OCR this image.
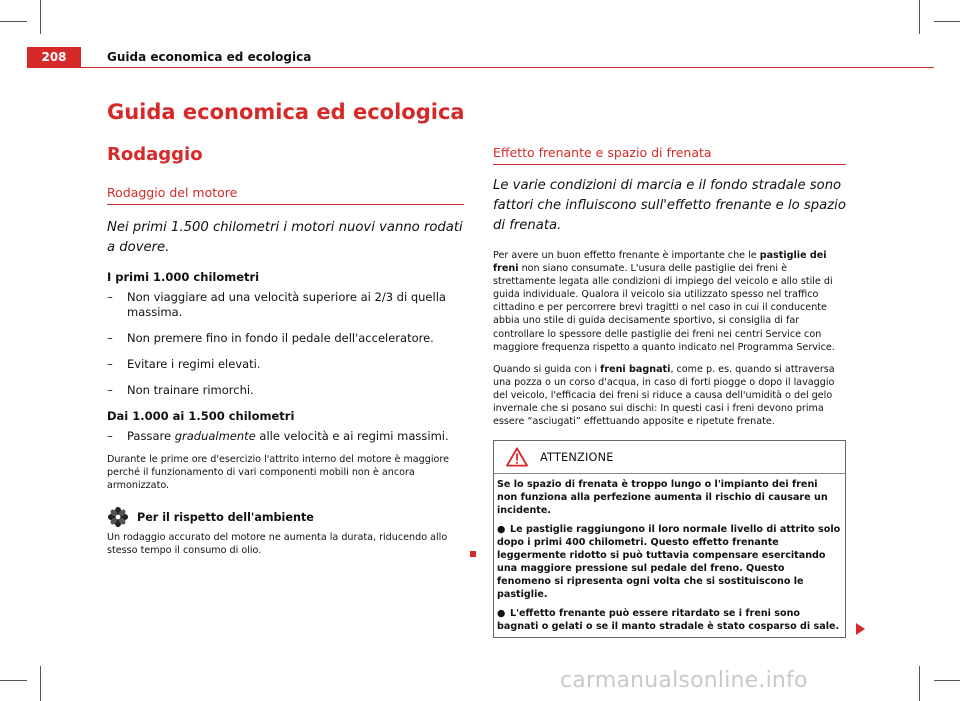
208	Guida economica ed ecologica
Guida economica ed ecologica
Rodaggio
Rodaggio del motore
Nei primi 1.500 chilometri i motori nuovi vanno rodati a dovere.
I primi 1.000 chilometri
– Non viaggiare ad una velocità superiore ai 2/3 di quella massima.
– Non premere fino in fondo il pedale dell'acceleratore.
– Evitare i regimi elevati.
– Non trainare rimorchi.
Dai 1.000 ai 1.500 chilometri
– Passare gradualmente alle velocità e ai regimi massimi.
Durante le prime ore d'esercizio l'attrito interno del motore è maggiore perché il funzionamento di vari componenti mobili non è ancora armonizzato.
Per il rispetto dell'ambiente
Un rodaggio accurato del motore ne aumenta la durata, riducendo allo stesso tempo il consumo di olio.
Effetto frenante e spazio di frenata
Le varie condizioni di marcia e il fondo stradale sono fattori che influiscono sull'effetto frenante e lo spazio di frenata.
Per avere un buon effetto frenante è importante che le pastiglie dei freni non siano consumate. L'usura delle pastiglie dei freni è strettamente legata alle condizioni di impiego del veicolo e allo stile di guida individuale. Qualora il veicolo sia utilizzato spesso nel traffico cittadino e per percorrere brevi tragitti o nel caso in cui il conducente abbia uno stile di guida decisamente sportivo, si consiglia di far controllare lo spessore delle pastiglie dei freni nei centri Service con maggiore frequenza rispetto a quanto indicato nel Programma Service.
Quando si guida con i freni bagnati, come p. es. quando si attraversa una pozza o un corso d'acqua, in caso di forti piogge o dopo il lavaggio del veicolo, l'efficacia dei freni si riduce a causa dell'umidità o del gelo invernale che si posano sui dischi: In questi casi i freni devono prima essere “asciugati” effettuando apposite e ripetute frenate.
ATTENZIONE

Se lo spazio di frenata è troppo lungo o l'impianto dei freni non funziona alla perfezione aumenta il rischio di causare un incidente.

● Le pastiglie raggiungono il loro normale livello di attrito solo dopo i primi 400 chilometri. Questo effetto frenante leggermente ridotto si può tuttavia compensare esercitando una maggiore pressione sul pedale del freno. Questo fenomeno si ripresenta ogni volta che si sostituiscono le pastiglie.

● L'effetto frenante può essere ritardato se i freni sono bagnati o gelati o se il manto stradale è stato cosparso di sale.

carmanualsonline.info
